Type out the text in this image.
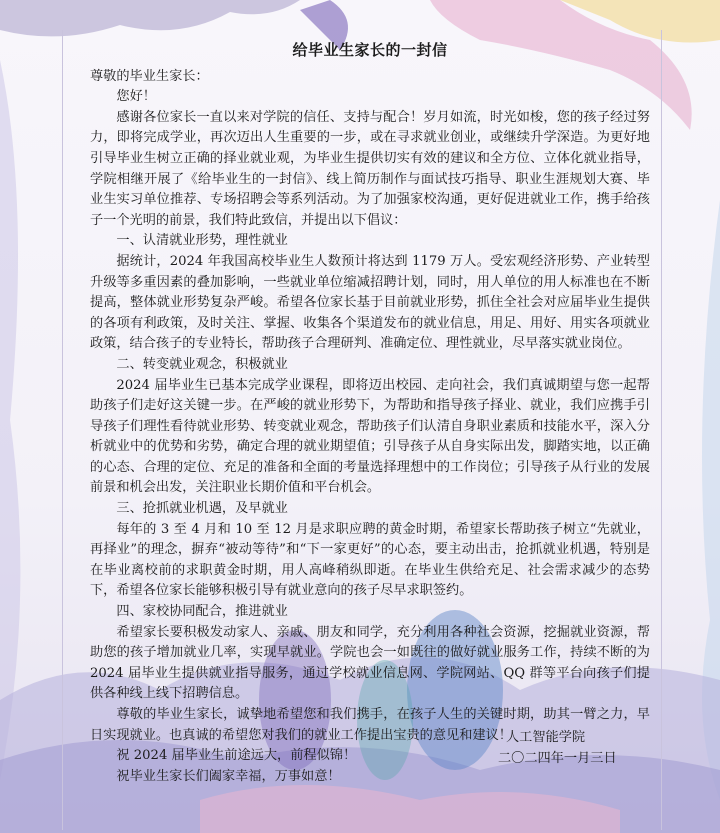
给毕业生家长的一封信

尊敬的毕业生家长：

您好！

感谢各位家长一直以来对学院的信任、支持与配合！岁月如流，时光如梭，您的孩子经过努力，即将完成学业，再次迈出人生重要的一步，或在寻求就业创业，或继续升学深造。为更好地引导毕业生树立正确的择业就业观，为毕业生提供切实有效的建议和全方位、立体化就业指导，学院相继开展了《给毕业生的一封信》、线上简历制作与面试技巧指导、职业生涯规划大赛、毕业生实习单位推荐、专场招聘会等系列活动。为了加强家校沟通，更好促进就业工作，携手给孩子一个光明的前景，我们特此致信，并提出以下倡议：

一、认清就业形势，理性就业

据统计，2024 年我国高校毕业生人数预计将达到 1179 万人。受宏观经济形势、产业转型升级等多重因素的叠加影响，一些就业单位缩减招聘计划，同时，用人单位的用人标准也在不断提高，整体就业形势复杂严峻。希望各位家长基于目前就业形势，抓住全社会对应届毕业生提供的各项有利政策，及时关注、掌握、收集各个渠道发布的就业信息，用足、用好、用实各项就业政策，结合孩子的专业特长，帮助孩子合理研判、准确定位、理性就业，尽早落实就业岗位。

二、转变就业观念，积极就业

2024 届毕业生已基本完成学业课程，即将迈出校园、走向社会，我们真诚期望与您一起帮助孩子们走好这关键一步。在严峻的就业形势下，为帮助和指导孩子择业、就业，我们应携手引导孩子们理性看待就业形势、转变就业观念，帮助孩子们认清自身职业素质和技能水平，深入分析就业中的优势和劣势，确定合理的就业期望值；引导孩子从自身实际出发，脚踏实地，以正确的心态、合理的定位、充足的准备和全面的考量选择理想中的工作岗位；引导孩子从行业的发展前景和机会出发，关注职业长期价值和平台机会。

三、抢抓就业机遇，及早就业

每年的 3 至 4 月和 10 至 12 月是求职应聘的黄金时期，希望家长帮助孩子树立“先就业，再择业”的理念，摒弃“被动等待”和“下一家更好”的心态，要主动出击，抢抓就业机遇，特别是在毕业离校前的求职黄金时期，用人高峰稍纵即逝。在毕业生供给充足、社会需求减少的态势下，希望各位家长能够积极引导有就业意向的孩子尽早求职签约。

四、家校协同配合，推进就业

希望家长要积极发动家人、亲戚、朋友和同学，充分利用各种社会资源，挖掘就业资源，帮助您的孩子增加就业几率，实现早就业。学院也会一如既往的做好就业服务工作，持续不断的为 2024 届毕业生提供就业指导服务，通过学校就业信息网、学院网站、QQ 群等平台向孩子们提供各种线上线下招聘信息。

尊敬的毕业生家长，诚挚地希望您和我们携手，在孩子人生的关键时期，助其一臂之力，早日实现就业。也真诚的希望您对我们的就业工作提出宝贵的意见和建议！

祝 2024 届毕业生前途远大，前程似锦！

祝毕业生家长们阖家幸福，万事如意！

人工智能学院
二〇二四年一月三日
